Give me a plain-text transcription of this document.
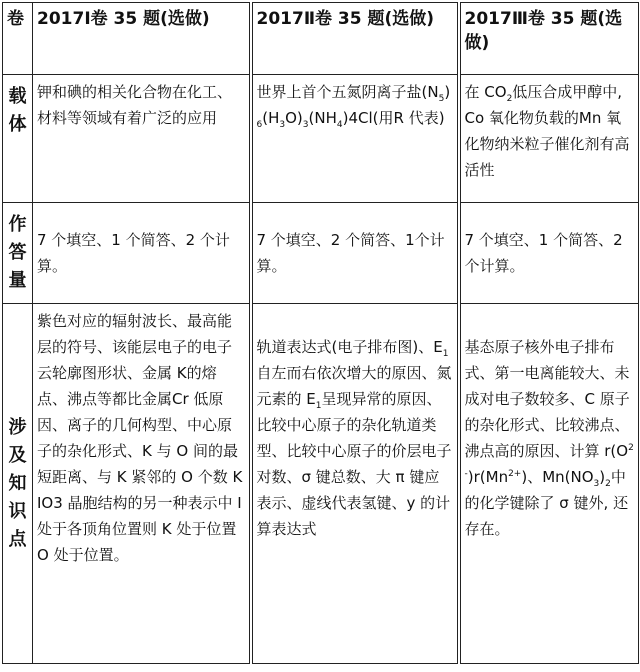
卷	2017Ⅰ卷 35 题(选做)	2017Ⅱ卷 35 题(选做)	2017Ⅲ卷 35 题(选做)

载
体	钾和碘的相关化合物在化工、材料等领域有着广泛的应用	世界上首个五氮阴离子盐$(N_5)_6(H_3O)_3(NH_4)4Cl$(用R 代表)	在 $CO_2$低压合成甲醇中, Co 氧化物负载的Mn 氧化物纳米粒子催化剂有高活性

作
答
量	7 个填空、1 个简答、2 个计算。	7 个填空、2 个简答、1个计算。	7 个填空、1 个简答、2 个计算。

涉
及
知
识
点	紫色对应的辐射波长、最高能层的符号、该能层电子的电子云轮廓图形状、金属 K的熔点、沸点等都比金属Cr 低原因、离子的几何构型、中心原子的杂化形式、K 与 O 间的最短距离、与 K 紧邻的 O 个数 KIO3 晶胞结构的另一种表示中 I 处于各顶角位置则 K 处于位置 O 处于位置。	轨道表达式(电子排布图)、$E_1$自左而右依次增大的原因、氮元素的 $E_1$呈现异常的原因、比较中心原子的杂化轨道类型、比较中心原子的价层电子对数、σ 键总数、大 π 键应表示、虚线代表氢键、y 的计算表达式	基态原子核外电子排布式、第一电离能较大、未成对电子数较多、C 原子的杂化形式、比较沸点、沸点高的原因、计算 $r(O^{2-})r(Mn^{2+})$、$Mn(NO_3)_2$中的化学键除了 σ 键外, 还存在。
